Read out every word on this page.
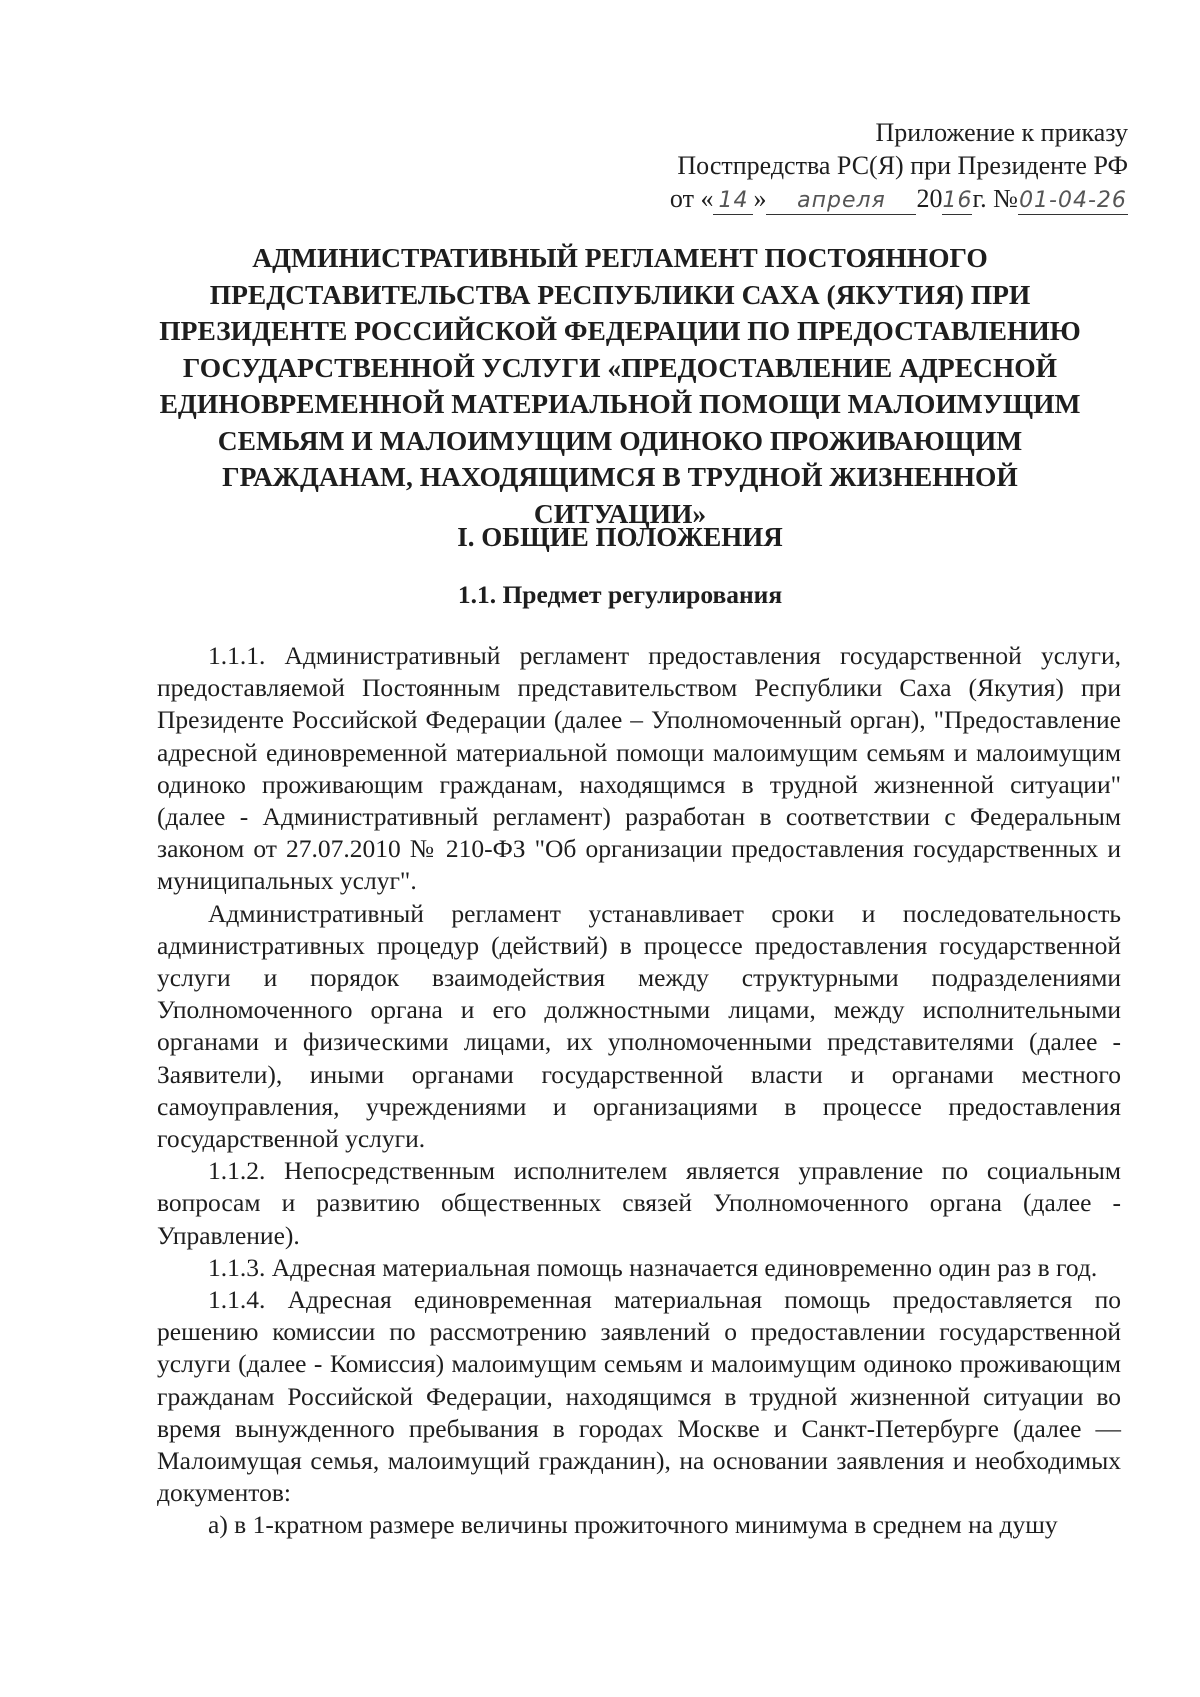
Приложение к приказу
Постпредства РС(Я) при Президенте РФ
от « 14 » апреля 2016г. №01-04-26
АДМИНИСТРАТИВНЫЙ РЕГЛАМЕНТ ПОСТОЯННОГО ПРЕДСТАВИТЕЛЬСТВА РЕСПУБЛИКИ САХА (ЯКУТИЯ) ПРИ ПРЕЗИДЕНТЕ РОССИЙСКОЙ ФЕДЕРАЦИИ ПО ПРЕДОСТАВЛЕНИЮ ГОСУДАРСТВЕННОЙ УСЛУГИ «ПРЕДОСТАВЛЕНИЕ АДРЕСНОЙ ЕДИНОВРЕМЕННОЙ МАТЕРИАЛЬНОЙ ПОМОЩИ МАЛОИМУЩИМ СЕМЬЯМ И МАЛОИМУЩИМ ОДИНОКО ПРОЖИВАЮЩИМ ГРАЖДАНАМ, НАХОДЯЩИМСЯ В ТРУДНОЙ ЖИЗНЕННОЙ СИТУАЦИИ»
I. ОБЩИЕ ПОЛОЖЕНИЯ
1.1. Предмет регулирования

1.1.1. Административный регламент предоставления государственной услуги, предоставляемой Постоянным представительством Республики Саха (Якутия) при Президенте Российской Федерации (далее – Уполномоченный орган), "Предоставление адресной единовременной материальной помощи малоимущим семьям и малоимущим одиноко проживающим гражданам, находящимся в трудной жизненной ситуации" (далее - Административный регламент) разработан в соответствии с Федеральным законом от 27.07.2010 № 210-ФЗ "Об организации предоставления государственных и муниципальных услуг".

Административный регламент устанавливает сроки и последовательность административных процедур (действий) в процессе предоставления государственной услуги и порядок взаимодействия между структурными подразделениями Уполномоченного органа и его должностными лицами, между исполнительными органами и физическими лицами, их уполномоченными представителями (далее - Заявители), иными органами государственной власти и органами местного самоуправления, учреждениями и организациями в процессе предоставления государственной услуги.

1.1.2. Непосредственным исполнителем является управление по социальным вопросам и развитию общественных связей Уполномоченного органа (далее - Управление).

1.1.3. Адресная материальная помощь назначается единовременно один раз в год.

1.1.4. Адресная единовременная материальная помощь предоставляется по решению комиссии по рассмотрению заявлений о предоставлении государственной услуги (далее - Комиссия) малоимущим семьям и малоимущим одиноко проживающим гражданам Российской Федерации, находящимся в трудной жизненной ситуации во время вынужденного пребывания в городах Москве и Санкт-Петербурге (далее — Малоимущая семья, малоимущий гражданин), на основании заявления и необходимых документов:

а) в 1-кратном размере величины прожиточного минимума в среднем на душу
